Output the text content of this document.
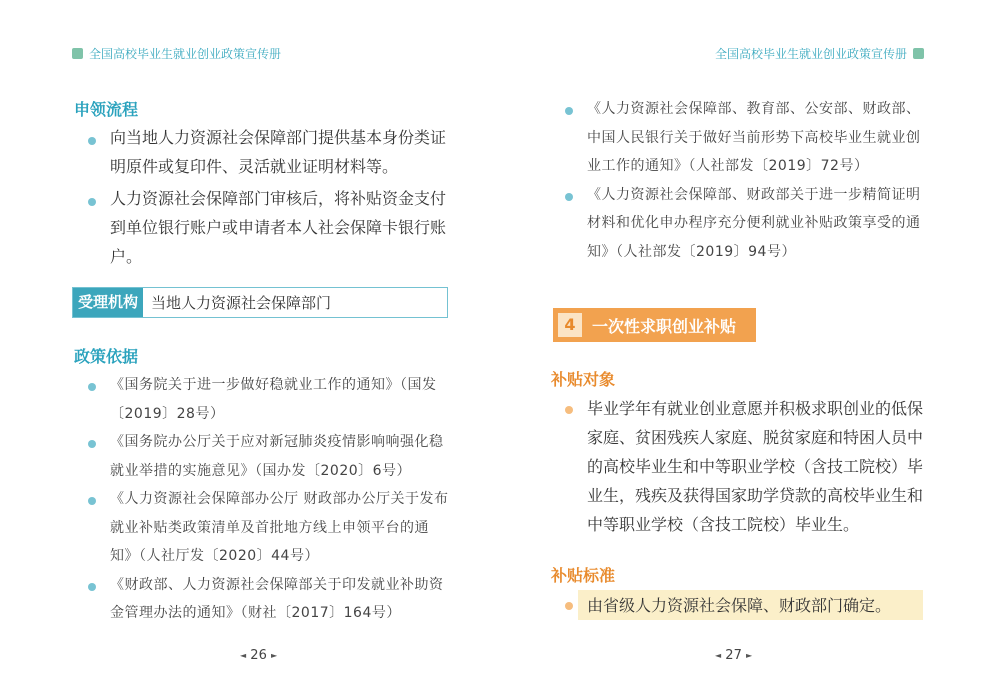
全国高校毕业生就业创业政策宣传册
申领流程
向当地人力资源社会保障部门提供基本身份类证明原件或复印件、灵活就业证明材料等。
人力资源社会保障部门审核后，将补贴资金支付到单位银行账户或申请者本人社会保障卡银行账户。
受理机构 当地人力资源社会保障部门
政策依据
《国务院关于进一步做好稳就业工作的通知》（国发〔2019〕28号）
《国务院办公厅关于应对新冠肺炎疫情影响响强化稳就业举措的实施意见》（国办发〔2020〕6号）
《人力资源社会保障部办公厅 财政部办公厅关于发布就业补贴类政策清单及首批地方线上申领平台的通知》（人社厅发〔2020〕44号）
《财政部、人力资源社会保障部关于印发就业补助资金管理办法的通知》（财社〔2017〕164号）
◄ 26 ►
全国高校毕业生就业创业政策宣传册
《人力资源社会保障部、教育部、公安部、财政部、中国人民银行关于做好当前形势下高校毕业生就业创业工作的通知》（人社部发〔2019〕72号）
《人力资源社会保障部、财政部关于进一步精简证明材料和优化申办程序充分便利就业补贴政策享受的通知》（人社部发〔2019〕94号）
4	一次性求职创业补贴
补贴对象
毕业学年有就业创业意愿并积极求职创业的低保家庭、贫困残疾人家庭、脱贫家庭和特困人员中的高校毕业生和中等职业学校（含技工院校）毕业生，残疾及获得国家助学贷款的高校毕业生和中等职业学校（含技工院校）毕业生。
补贴标准
由省级人力资源社会保障、财政部门确定。
◄ 27 ►
